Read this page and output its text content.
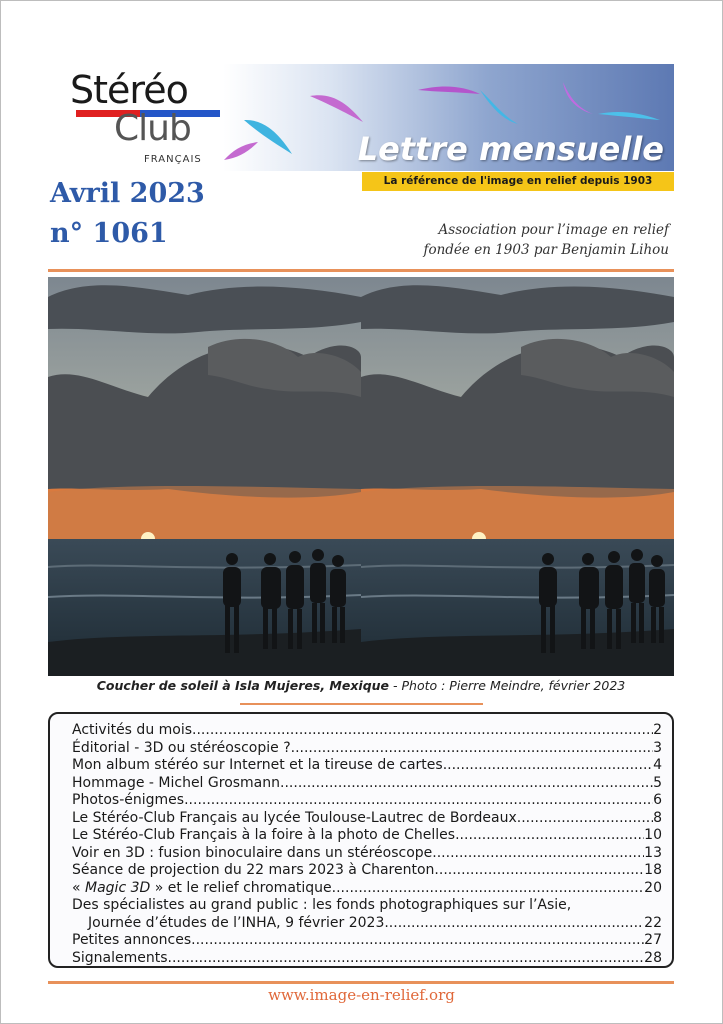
Stéréo
Club
FRANÇAIS	Lettre mensuelle
La référence de l'image en relief depuis 1903
Avril 2023
n° 1061	Association pour l’image en relief
fondée en 1903 par Benjamin Lihou
Coucher de soleil à Isla Mujeres, Mexique - Photo : Pierre Meindre, février 2023
Activités du mois .....	2
Éditorial - 3D ou stéréoscopie ? .....	3
Mon album stéréo sur Internet et la tireuse de cartes .....	4
Hommage - Michel Grosmann .....	5
Photos-énigmes .....	6
Le Stéréo-Club Français au lycée Toulouse-Lautrec de Bordeaux .....	8
Le Stéréo-Club Français à la foire à la photo de Chelles .....	10
Voir en 3D : fusion binoculaire dans un stéréoscope .....	13
Séance de projection du 22 mars 2023 à Charenton .....	18
« Magic 3D » et le relief chromatique .....	20
Des spécialistes au grand public : les fonds photographiques sur l’Asie,
Journée d’études de l’INHA, 9 février 2023 .....	22
Petites annonces .....	27
Signalements .....	28
www.image-en-relief.org
